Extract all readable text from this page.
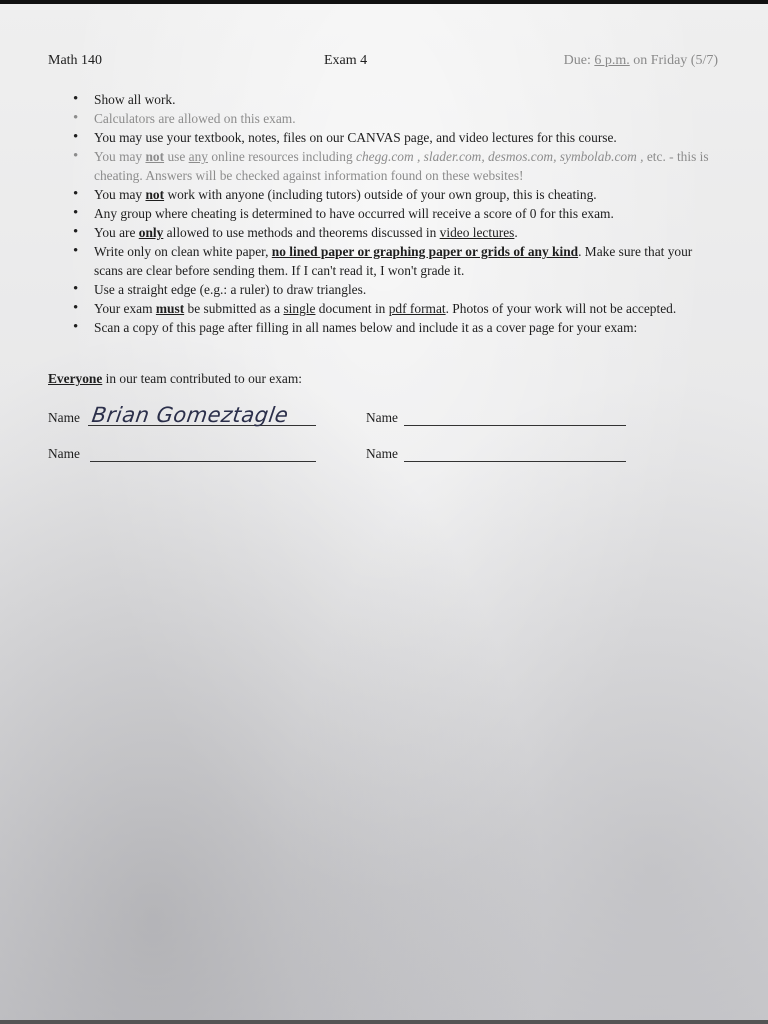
Math 140	Exam 4	Due: 6 p.m. on Friday (5/7)
• Show all work.
• Calculators are allowed on this exam.
• You may use your textbook, notes, files on our CANVAS page, and video lectures for this course.
• You may not use any online resources including chegg.com , slader.com, desmos.com, symbolab.com , etc. - this is cheating. Answers will be checked against information found on these websites!
• You may not work with anyone (including tutors) outside of your own group, this is cheating.
• Any group where cheating is determined to have occurred will receive a score of 0 for this exam.
• You are only allowed to use methods and theorems discussed in video lectures.
• Write only on clean white paper, no lined paper or graphing paper or grids of any kind. Make sure that your scans are clear before sending them. If I can't read it, I won't grade it.
• Use a straight edge (e.g.: a ruler) to draw triangles.
• Your exam must be submitted as a single document in pdf format. Photos of your work will not be accepted.
• Scan a copy of this page after filling in all names below and include it as a cover page for your exam:
Everyone in our team contributed to our exam:
Name Brian Gomeztagle	Name
Name	Name
